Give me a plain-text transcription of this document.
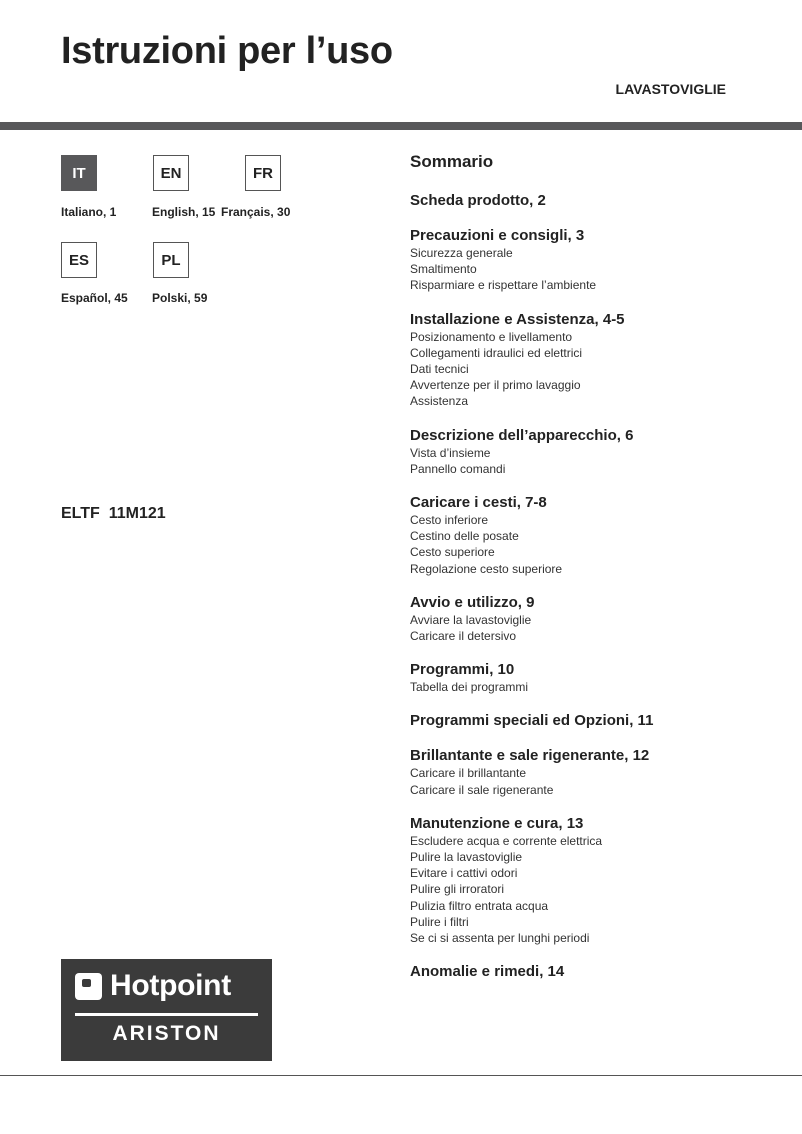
Istruzioni per l’uso
LAVASTOVIGLIE
IT	EN	FR
Italiano, 1	English, 15 Français, 30
ES	PL
Español, 45 Polski, 59
ELTF  11M121
Sommario
Scheda prodotto, 2
Precauzioni e consigli, 3
Sicurezza generale
Smaltimento
Risparmiare e rispettare l’ambiente
Installazione e Assistenza, 4-5
Posizionamento e livellamento
Collegamenti idraulici ed elettrici
Dati tecnici
Avvertenze per il primo lavaggio
Assistenza
Descrizione dell’apparecchio, 6
Vista d’insieme
Pannello comandi
Caricare i cesti, 7-8
Cesto inferiore
Cestino delle posate
Cesto superiore
Regolazione cesto superiore
Avvio e utilizzo, 9
Avviare la lavastoviglie
Caricare il detersivo
Programmi, 10
Tabella dei programmi
Programmi speciali ed Opzioni, 11
Brillantante e sale rigenerante, 12
Caricare il brillantante
Caricare il sale rigenerante
Manutenzione e cura, 13
Escludere acqua e corrente elettrica
Pulire la lavastoviglie
Evitare i cattivi odori
Pulire gli irroratori
Pulizia filtro entrata acqua
Pulire i filtri
Se ci si assenta per lunghi periodi
Anomalie e rimedi, 14
Hotpoint
ARISTON
